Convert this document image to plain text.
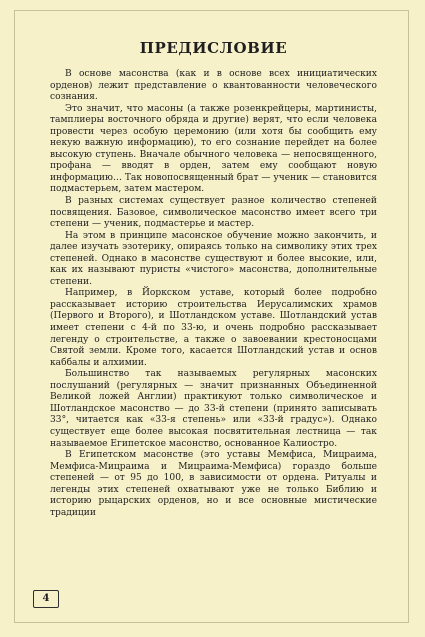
ПРЕДИСЛОВИЕ

В основе масонства (как и в основе всех инициатических орденов) лежит представление о квантованности человеческого сознания.

Это значит, что масоны (а также розенкрейцеры, мартинисты, тамплиеры восточного обряда и другие) верят, что если человека провести через особую церемонию (или хотя бы сообщить ему некую важную информацию), то его сознание перейдет на более высокую ступень. Вначале обычного человека — непосвященного, профана — вводят в орден, затем ему сообщают новую информацию… Так новопосвященный брат — ученик — становится подмастерьем, затем мастером.

В разных системах существует разное количество степеней посвящения. Базовое, символическое масонство имеет всего три степени — ученик, подмастерье и мастер.

На этом в принципе масонское обучение можно закончить, и далее изучать эзотерику, опираясь только на символику этих трех степеней. Однако в масонстве существуют и более высокие, или, как их называют пуристы «чистого» масонства, дополнительные степени.

Например, в Йоркском уставе, который более подробно рассказывает историю строительства Иерусалимских храмов (Первого и Второго), и Шотландском уставе. Шотландский устав имеет степени с 4-й по 33-ю, и очень подробно рассказывает легенду о строительстве, а также о завоевании крестоносцами Святой земли. Кроме того, касается Шотландский устав и основ каббалы и алхимии.

Большинство так называемых регулярных масонских послушаний (регулярных — значит признанных Объединенной Великой ложей Англии) практикуют только символическое и Шотландское масонство — до 33-й степени (принято записывать 33°, читается как «33-я степень» или «33-й градус»). Однако существует еще более высокая посвятительная лестница — так называемое Египетское масонство, основанное Калиостро.

В Египетском масонстве (это уставы Мемфиса, Мицраима, Мемфиса-Мицраима и Мицраима-Мемфиса) гораздо больше степеней — от 95 до 100, в зависимости от ордена. Ритуалы и легенды этих степеней охватывают уже не только Библию и историю рыцарских орденов, но и все основные мистические традиции

4
